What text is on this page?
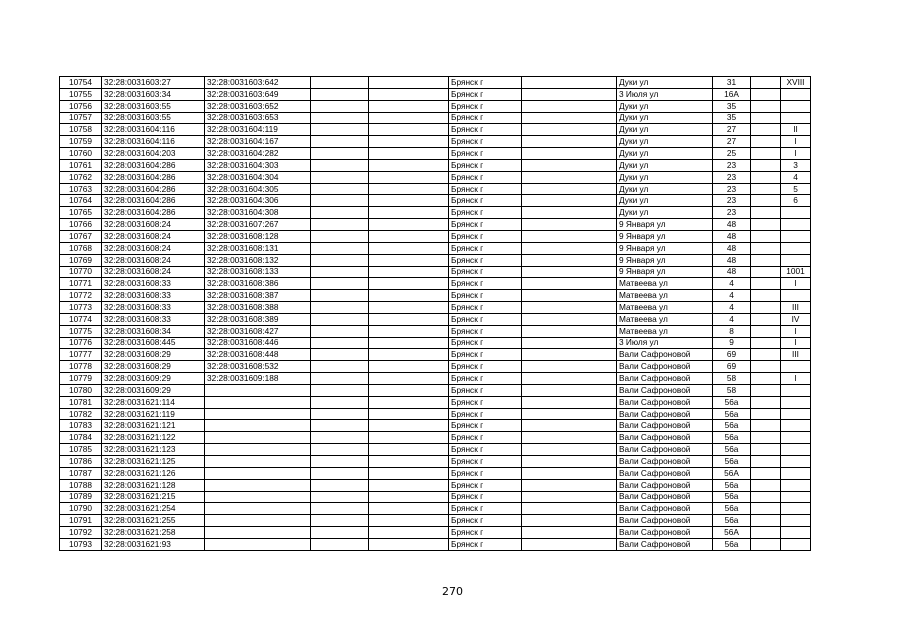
10754	32:28:0031603:27	32:28:0031603:642			Брянск г		Дуки ул	31		XVIII
10755	32:28:0031603:34	32:28:0031603:649			Брянск г		3 Июля ул	16А		
10756	32:28:0031603:55	32:28:0031603:652			Брянск г		Дуки ул	35		
10757	32:28:0031603:55	32:28:0031603:653			Брянск г		Дуки ул	35		
10758	32:28:0031604:116	32:28:0031604:119			Брянск г		Дуки ул	27		II
10759	32:28:0031604:116	32:28:0031604:167			Брянск г		Дуки ул	27		I
10760	32:28:0031604:203	32:28:0031604:282			Брянск г		Дуки ул	25		I
10761	32:28:0031604:286	32:28:0031604:303			Брянск г		Дуки ул	23		3
10762	32:28:0031604:286	32:28:0031604:304			Брянск г		Дуки ул	23		4
10763	32:28:0031604:286	32:28:0031604:305			Брянск г		Дуки ул	23		5
10764	32:28:0031604:286	32:28:0031604:306			Брянск г		Дуки ул	23		6
10765	32:28:0031604:286	32:28:0031604:308			Брянск г		Дуки ул	23		
10766	32:28:0031608:24	32:28:0031607:267			Брянск г		9 Января ул	48		
10767	32:28:0031608:24	32:28:0031608:128			Брянск г		9 Января ул	48		
10768	32:28:0031608:24	32:28:0031608:131			Брянск г		9 Января ул	48		
10769	32:28:0031608:24	32:28:0031608:132			Брянск г		9 Января ул	48		
10770	32:28:0031608:24	32:28:0031608:133			Брянск г		9 Января ул	48		1001
10771	32:28:0031608:33	32:28:0031608:386			Брянск г		Матвеева ул	4		I
10772	32:28:0031608:33	32:28:0031608:387			Брянск г		Матвеева ул	4		
10773	32:28:0031608:33	32:28:0031608:388			Брянск г		Матвеева ул	4		III
10774	32:28:0031608:33	32:28:0031608:389			Брянск г		Матвеева ул	4		IV
10775	32:28:0031608:34	32:28:0031608:427			Брянск г		Матвеева ул	8		I
10776	32:28:0031608:445	32:28:0031608:446			Брянск г		3 Июля ул	9		I
10777	32:28:0031608:29	32:28:0031608:448			Брянск г		Вали Сафроновой	69		III
10778	32:28:0031608:29	32:28:0031608:532			Брянск г		Вали Сафроновой	69		
10779	32:28:0031609:29	32:28:0031609:188			Брянск г		Вали Сафроновой	58		I
10780	32:28:0031609:29				Брянск г		Вали Сафроновой	58		
10781	32:28:0031621:114				Брянск г		Вали Сафроновой	56а		
10782	32:28:0031621:119				Брянск г		Вали Сафроновой	56а		
10783	32:28:0031621:121				Брянск г		Вали Сафроновой	56а		
10784	32:28:0031621:122				Брянск г		Вали Сафроновой	56а		
10785	32:28:0031621:123				Брянск г		Вали Сафроновой	56а		
10786	32:28:0031621:125				Брянск г		Вали Сафроновой	56а		
10787	32:28:0031621:126				Брянск г		Вали Сафроновой	56А		
10788	32:28:0031621:128				Брянск г		Вали Сафроновой	56а		
10789	32:28:0031621:215				Брянск г		Вали Сафроновой	56а		
10790	32:28:0031621:254				Брянск г		Вали Сафроновой	56а		
10791	32:28:0031621:255				Брянск г		Вали Сафроновой	56а		
10792	32:28:0031621:258				Брянск г		Вали Сафроновой	56А		
10793	32:28:0031621:93				Брянск г		Вали Сафроновой	56а		
270
